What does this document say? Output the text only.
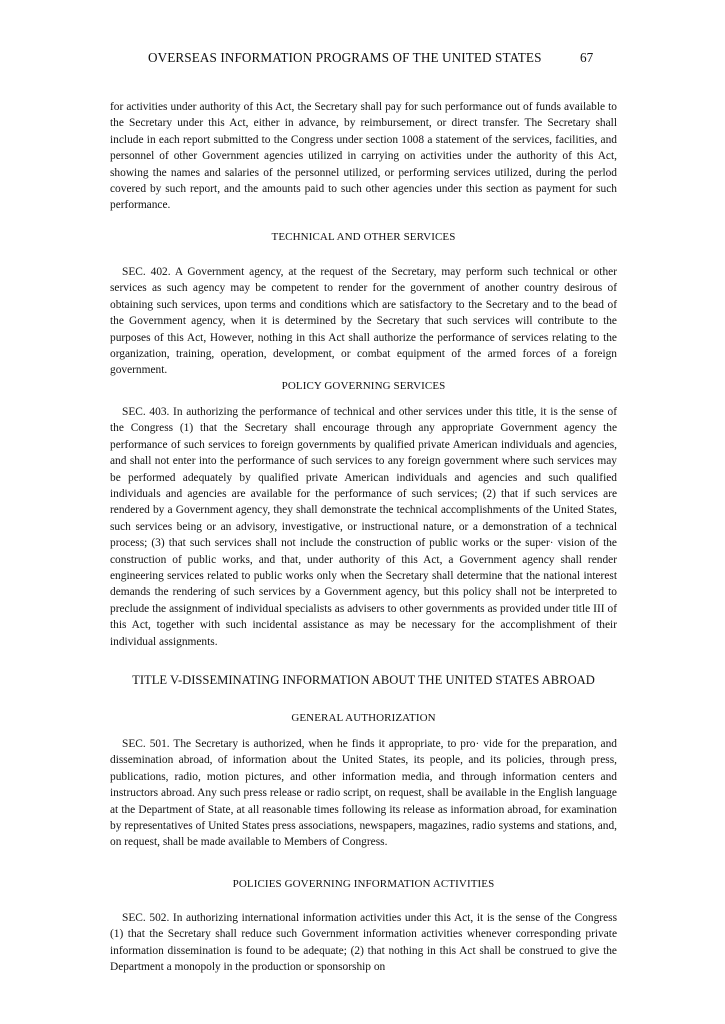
OVERSEAS INFORMATION PROGRAMS OF THE UNITED STATES	67

for activities under authority of this Act, the Secretary shall pay for such performance out of funds available to the Secretary under this Act, either in advance, by reimbursement, or direct transfer. The Secretary shall include in each report submitted to the Congress under section 1008 a statement of the services, facilities, and personnel of other Government agencies utilized in carrying on activities under the authority of this Act, showing the names and salaries of the personnel utilized, or performing services utilized, during the perlod covered by such report, and the amounts paid to such other agencies under this section as payment for such performance.

TECHNICAL AND OTHER SERVICES

SEC. 402. A Government agency, at the request of the Secretary, may perform such technical or other services as such agency may be competent to render for the government of another country desirous of obtaining such services, upon terms and conditions which are satisfactory to the Secretary and to the bead of the Government agency, when it is determined by the Secretary that such services will contribute to the purposes of this Act, However, nothing in this Act shall authorize the performance of services relating to the organization, training, operation, development, or combat equipment of the armed forces of a foreign government.

POLICY GOVERNING SERVICES

SEC. 403. In authorizing the performance of technical and other services under this title, it is the sense of the Congress (1) that the Secretary shall encourage through any appropriate Government agency the performance of such services to foreign governments by qualified private American individuals and agencies, and shall not enter into the performance of such services to any foreign government where such services may be performed adequately by qualified private American individuals and agencies and such qualified individuals and agencies are available for the performance of such services; (2) that if such services are rendered by a Government agency, they shall demonstrate the technical accomplishments of the United States, such services being or an advisory, investigative, or instructional nature, or a demonstration of a technical process; (3) that such services shall not include the construction of public works or the super· vision of the construction of public works, and that, under authority of this Act, a Government agency shall render engineering services related to public works only when the Secretary shall determine that the national interest demands the rendering of such services by a Government agency, but this policy shall not be interpreted to preclude the assignment of individual specialists as advisers to other governments as provided under title III of this Act, together with such incidental assistance as may be necessary for the accomplishment of their individual assignments.

TITLE V-DISSEMINATING INFORMATION ABOUT THE UNITED STATES ABROAD
GENERAL AUTHORIZATION

SEC. 501. The Secretary is authorized, when he finds it appropriate, to pro· vide for the preparation, and dissemination abroad, of information about the United States, its people, and its policies, through press, publications, radio, motion pictures, and other information media, and through information centers and instructors abroad. Any such press release or radio script, on request, shall be available in the English language at the Department of State, at all reasonable times following its release as information abroad, for examination by representatives of United States press associations, newspapers, magazines, radio systems and stations, and, on request, shall be made available to Members of Congress.

POLICIES GOVERNING INFORMATION ACTIVITIES

SEC. 502. In authorizing international information activities under this Act, it is the sense of the Congress (1) that the Secretary shall reduce such Government information activities whenever corresponding private information dissemination is found to be adequate; (2) that nothing in this Act shall be construed to give the Department a monopoly in the production or sponsorship on
